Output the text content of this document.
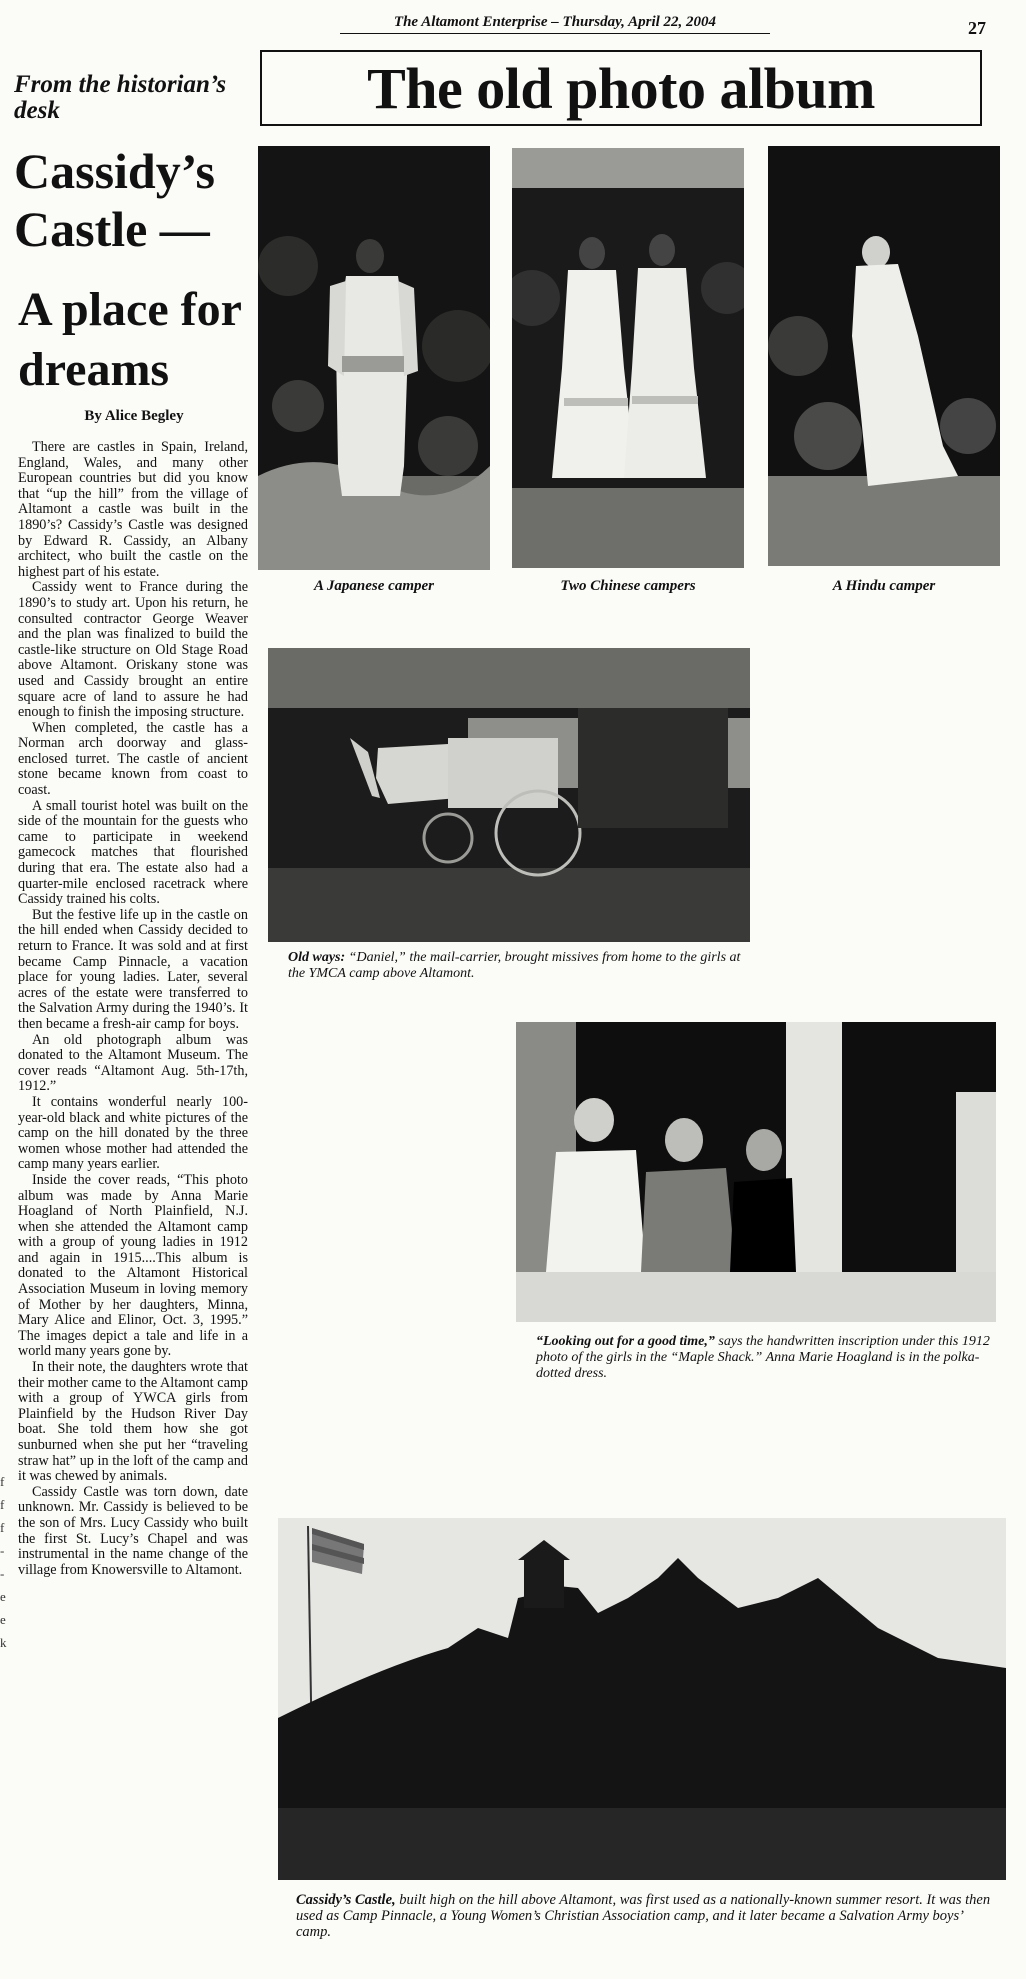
The Altamont Enterprise – Thursday, April 22, 2004	27
The old photo album
From the historian’s desk
Cassidy’s Castle —
A place for dreams
By Alice Begley

There are castles in Spain, Ireland, England, Wales, and many other European countries but did you know that “up the hill” from the village of Altamont a castle was built in the 1890’s? Cassidy’s Castle was designed by Edward R. Cassidy, an Albany architect, who built the castle on the highest part of his estate.

Cassidy went to France during the 1890’s to study art. Upon his return, he consulted contractor George Weaver and the plan was finalized to build the castle-like structure on Old Stage Road above Altamont. Oriskany stone was used and Cassidy brought an entire square acre of land to assure he had enough to finish the imposing structure.

When completed, the castle has a Norman arch doorway and glass-enclosed turret. The castle of ancient stone became known from coast to coast.

A small tourist hotel was built on the side of the mountain for the guests who came to participate in weekend gamecock matches that flourished during that era. The estate also had a quarter-mile enclosed racetrack where Cassidy trained his colts.

But the festive life up in the castle on the hill ended when Cassidy decided to return to France. It was sold and at first became Camp Pinnacle, a vacation place for young ladies. Later, several acres of the estate were transferred to the Salvation Army during the 1940’s. It then became a fresh-air camp for boys.

An old photograph album was donated to the Altamont Museum. The cover reads “Altamont Aug. 5th-17th, 1912.”

It contains wonderful nearly 100-year-old black and white pictures of the camp on the hill donated by the three women whose mother had attended the camp many years earlier.

Inside the cover reads, “This photo album was made by Anna Marie Hoagland of North Plainfield, N.J. when she attended the Altamont camp with a group of young ladies in 1912 and again in 1915....This album is donated to the Altamont Historical Association Museum in loving memory of Mother by her daughters, Minna, Mary Alice and Elinor, Oct. 3, 1995.” The images depict a tale and life in a world many years gone by.

In their note, the daughters wrote that their mother came to the Altamont camp with a group of YWCA girls from Plainfield by the Hudson River Day boat. She told them how she got sunburned when she put her “traveling straw hat” up in the loft of the camp and it was chewed by animals.

Cassidy Castle was torn down, date unknown. Mr. Cassidy is believed to be the son of Mrs. Lucy Cassidy who built the first St. Lucy’s Chapel and was instrumental in the name change of the village from Knowersville to Altamont.

f
f
f
-
-
e
e
k
A Japanese camper	Two Chinese campers	A Hindu camper
Old ways: “Daniel,” the mail-carrier, brought missives from home to the girls at the YMCA camp above Altamont.
“Looking out for a good time,” says the handwritten inscription under this 1912 photo of the girls in the “Maple Shack.” Anna Marie Hoagland is in the polka-dotted dress.
Cassidy’s Castle, built high on the hill above Altamont, was first used as a nationally-known summer resort. It was then used as Camp Pinnacle, a Young Women’s Christian Association camp, and it later became a Salvation Army boys’ camp.
